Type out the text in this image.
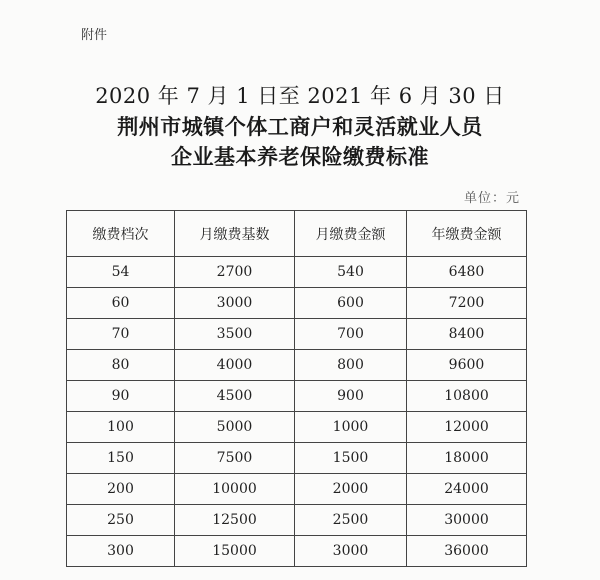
附件
2020 年 7 月 1 日至 2021 年 6 月 30 日
荆州市城镇个体工商户和灵活就业人员
企业基本养老保险缴费标准
单位：元
缴费档次	月缴费基数	月缴费金额	年缴费金额
54	2700	540	6480
60	3000	600	7200
70	3500	700	8400
80	4000	800	9600
90	4500	900	10800
100	5000	1000	12000
150	7500	1500	18000
200	10000	2000	24000
250	12500	2500	30000
300	15000	3000	36000
